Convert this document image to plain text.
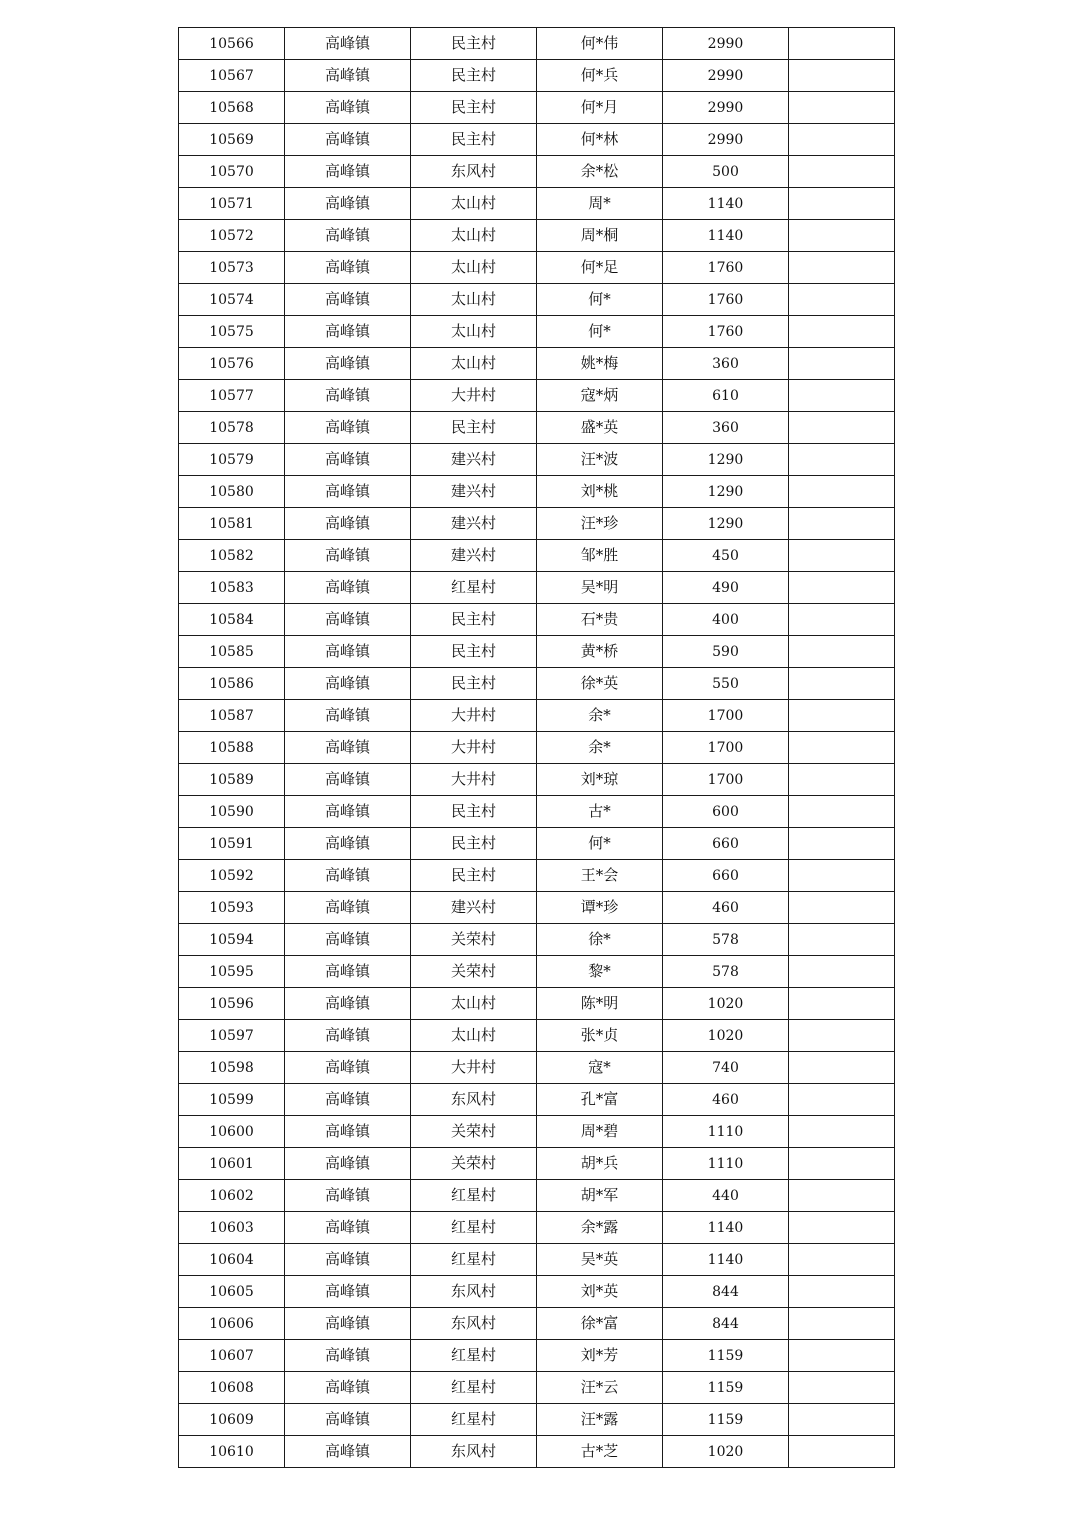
10566	高峰镇	民主村	何*伟	2990	
10567	高峰镇	民主村	何*兵	2990	
10568	高峰镇	民主村	何*月	2990	
10569	高峰镇	民主村	何*林	2990	
10570	高峰镇	东风村	余*松	500	
10571	高峰镇	太山村	周*	1140	
10572	高峰镇	太山村	周*桐	1140	
10573	高峰镇	太山村	何*足	1760	
10574	高峰镇	太山村	何*	1760	
10575	高峰镇	太山村	何*	1760	
10576	高峰镇	太山村	姚*梅	360	
10577	高峰镇	大井村	寇*炳	610	
10578	高峰镇	民主村	盛*英	360	
10579	高峰镇	建兴村	汪*波	1290	
10580	高峰镇	建兴村	刘*桃	1290	
10581	高峰镇	建兴村	汪*珍	1290	
10582	高峰镇	建兴村	邹*胜	450	
10583	高峰镇	红星村	吴*明	490	
10584	高峰镇	民主村	石*贵	400	
10585	高峰镇	民主村	黄*桥	590	
10586	高峰镇	民主村	徐*英	550	
10587	高峰镇	大井村	余*	1700	
10588	高峰镇	大井村	余*	1700	
10589	高峰镇	大井村	刘*琼	1700	
10590	高峰镇	民主村	古*	600	
10591	高峰镇	民主村	何*	660	
10592	高峰镇	民主村	王*会	660	
10593	高峰镇	建兴村	谭*珍	460	
10594	高峰镇	关荣村	徐*	578	
10595	高峰镇	关荣村	黎*	578	
10596	高峰镇	太山村	陈*明	1020	
10597	高峰镇	太山村	张*贞	1020	
10598	高峰镇	大井村	寇*	740	
10599	高峰镇	东风村	孔*富	460	
10600	高峰镇	关荣村	周*碧	1110	
10601	高峰镇	关荣村	胡*兵	1110	
10602	高峰镇	红星村	胡*军	440	
10603	高峰镇	红星村	余*露	1140	
10604	高峰镇	红星村	吴*英	1140	
10605	高峰镇	东风村	刘*英	844	
10606	高峰镇	东风村	徐*富	844	
10607	高峰镇	红星村	刘*芳	1159	
10608	高峰镇	红星村	汪*云	1159	
10609	高峰镇	红星村	汪*露	1159	
10610	高峰镇	东风村	古*芝	1020	
